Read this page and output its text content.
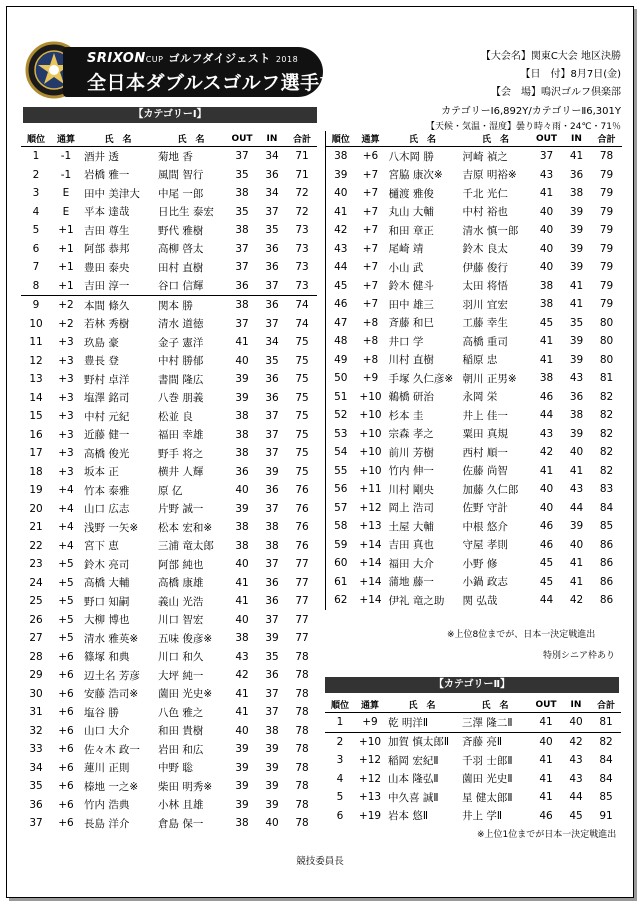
SRIXONCUP ゴルフダイジェスト 2018
全日本ダブルスゴルフ選手権
【大会名】関東C大会 地区決勝
【日　付】8月7日(金)
【会　場】鳴沢ゴルフ倶楽部
カテゴリーⅠ6,892Y/カテゴリーⅡ6,301Y
【天候・気温・湿度】曇り時々雨・24℃・71％
【カテゴリーⅠ】
順位	通算	氏　名	氏　名	OUT	IN	合計
1	-1	酒井 透	菊地 香	37	34	71
2	-1	岩橋 雅一	風間 智行	35	36	71
3	E	田中 美津大	中尾 一郎	38	34	72
4	E	平本 達哉	日比生 泰宏	35	37	72
5	+1	吉田 尊生	野代 雅樹	38	35	73
6	+1	阿部 恭邦	高柳 啓太	37	36	73
7	+1	豊田 泰央	田村 直樹	37	36	73
8	+1	吉田 淳一	谷口 信輝	36	37	73
9	+2	本間 條久	関本 勝	38	36	74
10	+2	若林 秀樹	清水 道徳	37	37	74
11	+3	玖島 豪	金子 憲洋	41	34	75
12	+3	豊長 登	中村 勝郁	40	35	75
13	+3	野村 卓洋	書間 隆広	39	36	75
14	+3	塩澤 銘司	八巻 朋義	39	36	75
15	+3	中村 元紀	松並 良	38	37	75
16	+3	近藤 健一	福田 幸雄	38	37	75
17	+3	高橋 俊光	野手 将之	38	37	75
18	+3	坂本 正	横井 人輝	36	39	75
19	+4	竹本 泰雅	原 亿	40	36	76
20	+4	山口 広志	片野 誠一	39	37	76
21	+4	浅野 一矢※	松本 宏和※	38	38	76
22	+4	宮下 恵	三浦 竜太郎	38	38	76
23	+5	鈴木 亮司	阿部 純也	40	37	77
24	+5	高橋 大輔	高橋 康雄	41	36	77
25	+5	野口 知嗣	義山 光浩	41	36	77
26	+5	大柳 博也	川口 智宏	40	37	77
27	+5	清水 雅英※	五味 俊彦※	38	39	77
28	+6	篠塚 和典	川口 和久	43	35	78
29	+6	辺土名 芳彦	大坪 純一	42	36	78
30	+6	安藤 浩司※	薗田 光史※	41	37	78
31	+6	塩谷 勝	八色 雅之	41	37	78
32	+6	山口 大介	和田 貴樹	40	38	78
33	+6	佐々木 政一	岩田 和広	39	39	78
34	+6	蓮川 正則	中野 聡	39	39	78
35	+6	榛地 一之※	柴田 明秀※	39	39	78
36	+6	竹内 浩典	小林 且雄	39	39	78
37	+6	長島 洋介	倉島 保一	38	40	78
順位	通算	氏　名	氏　名	OUT	IN	合計
38	+6	八木岡 勝	河崎 禎之	37	41	78
39	+7	宮脇 康次※	吉原 明裕※	43	36	79
40	+7	樋渡 雅俊	千北 光仁	41	38	79
41	+7	丸山 大輔	中村 裕也	40	39	79
42	+7	和田 章正	清水 慎一郎	40	39	79
43	+7	尾崎 靖	鈴木 良太	40	39	79
44	+7	小山 武	伊藤 俊行	40	39	79
45	+7	鈴木 健斗	太田 将悟	38	41	79
46	+7	田中 雄三	羽川 宜宏	38	41	79
47	+8	斉藤 和巳	工藤 幸生	45	35	80
48	+8	井口 学	高橋 重司	41	39	80
49	+8	川村 直樹	稲原 忠	41	39	80
50	+9	手塚 久仁彦※	朝川 正男※	38	43	81
51	+10	鵜橋 研治	永岡 栄	46	36	82
52	+10	杉本 圭	井上 佳一	44	38	82
53	+10	宗森 孝之	粟田 真規	43	39	82
54	+10	前川 芳樹	西村 順一	42	40	82
55	+10	竹内 伸一	佐藤 尚智	41	41	82
56	+11	川村 剛央	加藤 久仁郎	40	43	83
57	+12	岡上 浩司	佐野 守計	40	44	84
58	+13	土屋 大輔	中根 悠介	46	39	85
59	+14	吉田 真也	守屋 孝則	46	40	86
60	+14	福田 大介	小野 修	45	41	86
61	+14	蒲地 藤一	小鍋 政志	45	41	86
62	+14	伊礼 竜之助	関 弘哉	44	42	86
※上位8位までが、日本一決定戦進出
特別シニア枠あり
【カテゴリーⅡ】
順位	通算	氏　名	氏　名	OUT	IN	合計
1	+9	乾 明洋Ⅱ	三澤 隆二Ⅱ	41	40	81
2	+10	加賀 慎太郎Ⅱ	斉藤 亮Ⅱ	40	42	82
3	+12	稲岡 宏紀Ⅱ	千羽 士郎Ⅱ	41	43	84
4	+12	山本 隆弘Ⅱ	薗田 光史Ⅱ	41	43	84
5	+13	中久喜 誠Ⅱ	星 健太郎Ⅱ	41	44	85
6	+19	岩本 悠Ⅱ	井上 学Ⅱ	46	45	91
※上位1位までが日本一決定戦進出
競技委員長
